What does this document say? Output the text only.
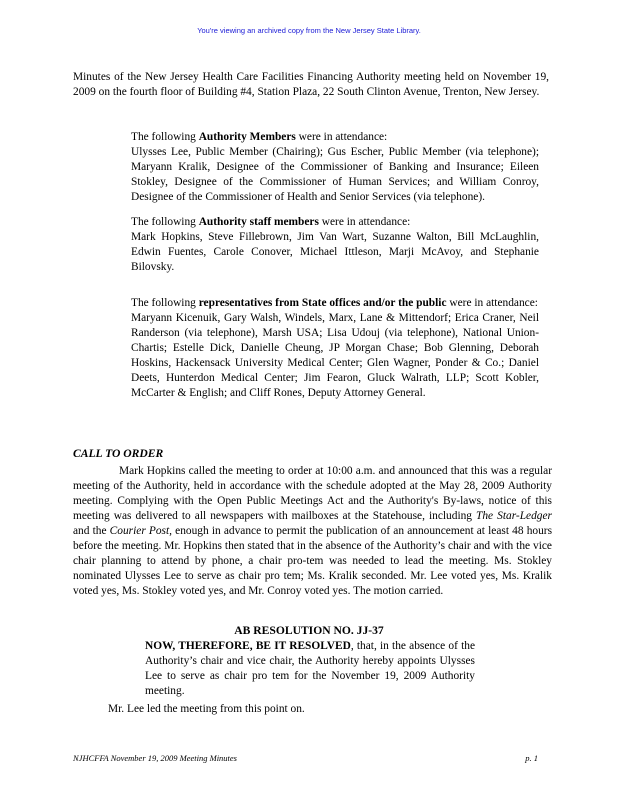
You're viewing an archived copy from the New Jersey State Library.

Minutes of the New Jersey Health Care Facilities Financing Authority meeting held on November 19, 2009 on the fourth floor of Building #4, Station Plaza, 22 South Clinton Avenue, Trenton, New Jersey.

The following Authority Members were in attendance:
Ulysses Lee, Public Member (Chairing); Gus Escher, Public Member (via telephone); Maryann Kralik, Designee of the Commissioner of Banking and Insurance; Eileen Stokley, Designee of the Commissioner of Human Services; and William Conroy, Designee of the Commissioner of Health and Senior Services (via telephone).
The following Authority staff members were in attendance:
Mark Hopkins, Steve Fillebrown, Jim Van Wart, Suzanne Walton, Bill McLaughlin, Edwin Fuentes, Carole Conover, Michael Ittleson, Marji McAvoy, and Stephanie Bilovsky.
The following representatives from State offices and/or the public were in attendance:
Maryann Kicenuik, Gary Walsh, Windels, Marx, Lane & Mittendorf; Erica Craner, Neil Randerson (via telephone), Marsh USA; Lisa Udouj (via telephone), National Union-Chartis; Estelle Dick, Danielle Cheung, JP Morgan Chase; Bob Glenning, Deborah Hoskins, Hackensack University Medical Center; Glen Wagner, Ponder & Co.; Daniel Deets, Hunterdon Medical Center; Jim Fearon, Gluck Walrath, LLP; Scott Kobler, McCarter & English; and Cliff Rones, Deputy Attorney General.

CALL TO ORDER

Mark Hopkins called the meeting to order at 10:00 a.m. and announced that this was a regular meeting of the Authority, held in accordance with the schedule adopted at the May 28, 2009 Authority meeting. Complying with the Open Public Meetings Act and the Authority's By-laws, notice of this meeting was delivered to all newspapers with mailboxes at the Statehouse, including The Star-Ledger and the Courier Post, enough in advance to permit the publication of an announcement at least 48 hours before the meeting. Mr. Hopkins then stated that in the absence of the Authority’s chair and with the vice chair planning to attend by phone, a chair pro-tem was needed to lead the meeting. Ms. Stokley nominated Ulysses Lee to serve as chair pro tem; Ms. Kralik seconded. Mr. Lee voted yes, Ms. Kralik voted yes, Ms. Stokley voted yes, and Mr. Conroy voted yes. The motion carried.

AB RESOLUTION NO. JJ-37

NOW, THEREFORE, BE IT RESOLVED, that, in the absence of the Authority’s chair and vice chair, the Authority hereby appoints Ulysses Lee to serve as chair pro tem for the November 19, 2009 Authority meeting.

Mr. Lee led the meeting from this point on.

NJHCFFA November 19, 2009 Meeting Minutes	p. 1
